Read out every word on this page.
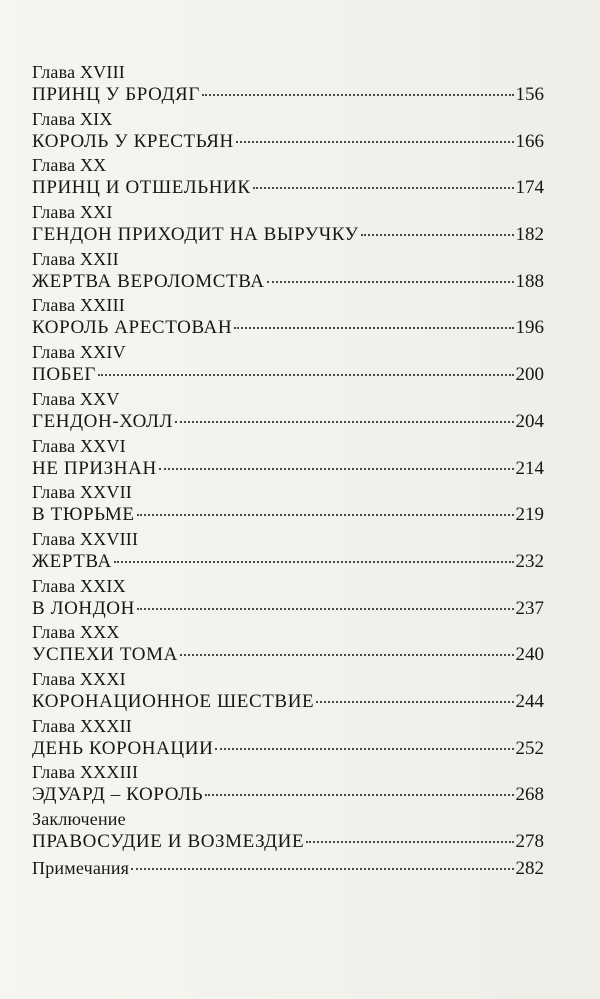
Глава XVIII
ПРИНЦ У БРОДЯГ	156
Глава XIX
КОРОЛЬ У КРЕСТЬЯН	166
Глава XX
ПРИНЦ И ОТШЕЛЬНИК	174
Глава XXI
ГЕНДОН ПРИХОДИТ НА ВЫРУЧКУ	182
Глава XXII
ЖЕРТВА ВЕРОЛОМСТВА	188
Глава XXIII
КОРОЛЬ АРЕСТОВАН	196
Глава XXIV
ПОБЕГ	200
Глава XXV
ГЕНДОН-ХОЛЛ	204
Глава XXVI
НЕ ПРИЗНАН	214
Глава XXVII
В ТЮРЬМЕ	219
Глава XXVIII
ЖЕРТВА	232
Глава XXIX
В ЛОНДОН	237
Глава XXX
УСПЕХИ ТОМА	240
Глава XXXI
КОРОНАЦИОННОЕ ШЕСТВИЕ	244
Глава XXXII
ДЕНЬ КОРОНАЦИИ	252
Глава XXXIII
ЭДУАРД – КОРОЛЬ	268
Заключение
ПРАВОСУДИЕ И ВОЗМЕЗДИЕ	278
Примечания	282
